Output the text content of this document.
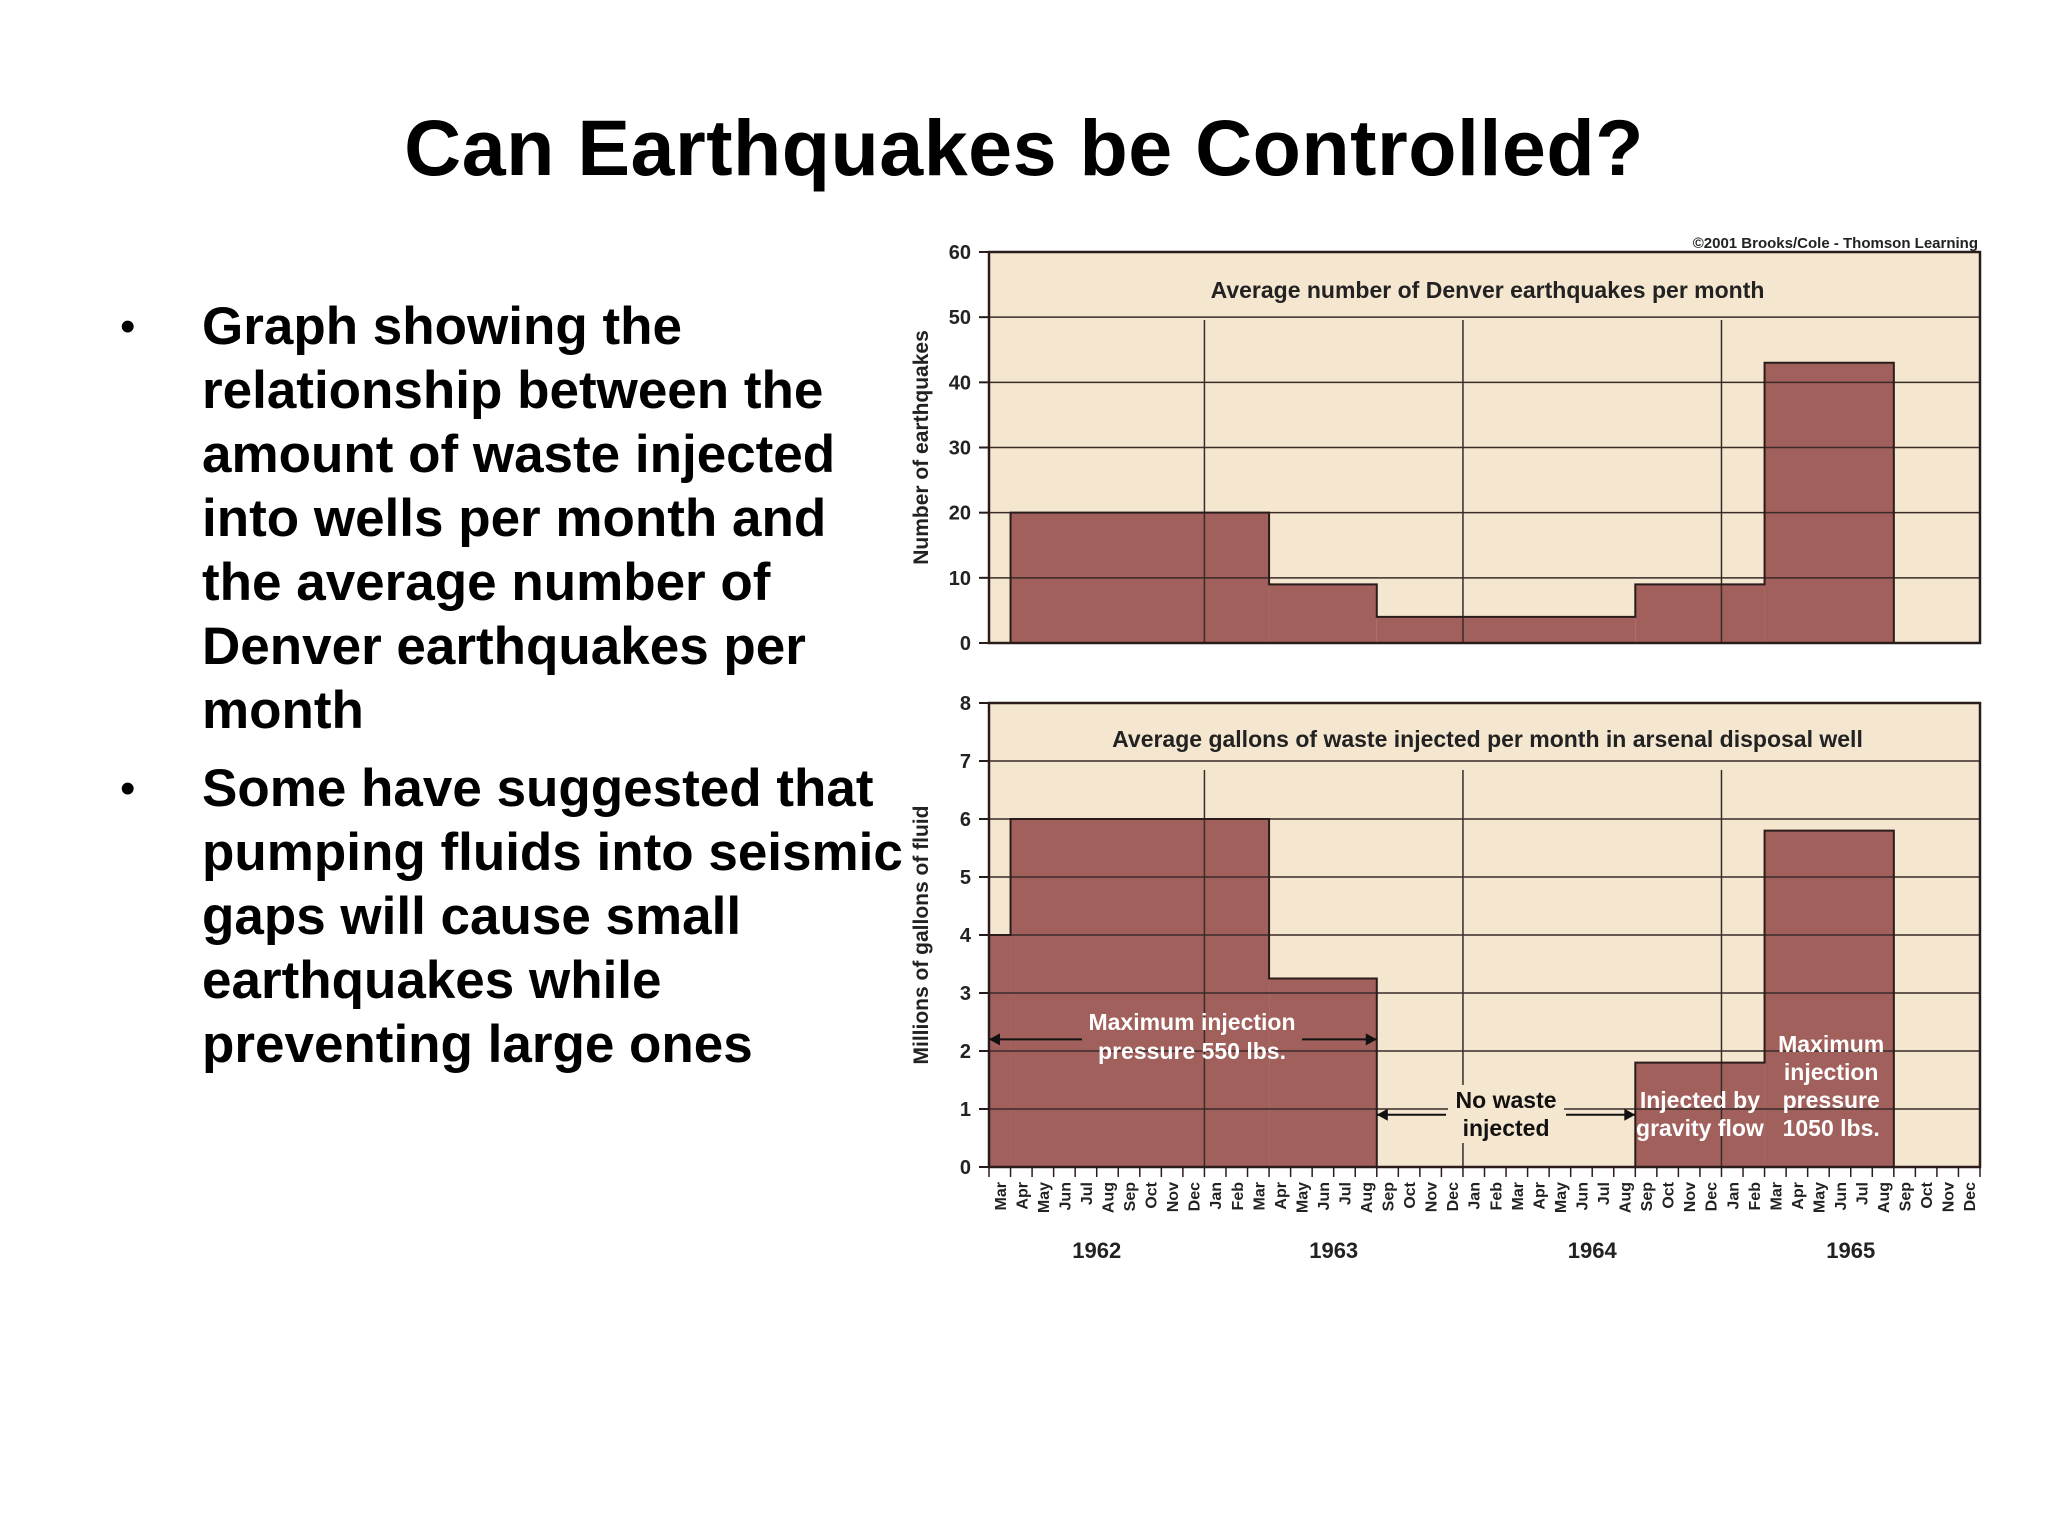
Can Earthquakes be Controlled?
• Graph showing the relationship between the amount of waste injected into wells per month and the average number of Denver earthquakes per month
• Some have suggested that pumping fluids into seismic gaps will cause small earthquakes while preventing large ones
0
10
20
30
40
50
60
Average number of Denver earthquakes per month
Number of earthquakes
©2001 Brooks/Cole - Thomson Learning
0
1
2
3
4
5
6
7
8
Average gallons of waste injected per month in arsenal disposal well
Millions of gallons of fluid
Mar Apr May Jun Jul Aug Sep Oct Nov Dec Jan Feb Mar Apr May Jun Jul Aug Sep Oct Nov Dec Jan Feb Mar Apr May Jun Jul Aug Sep Oct Nov Dec Jan Feb Mar Apr May Jun Jul Aug Sep Oct Nov Dec
1962	1963	1964	1965
Maximum injection pressure 550 lbs.
No waste injected
Injected by gravity flow
Maximum injection pressure 1050 lbs.
